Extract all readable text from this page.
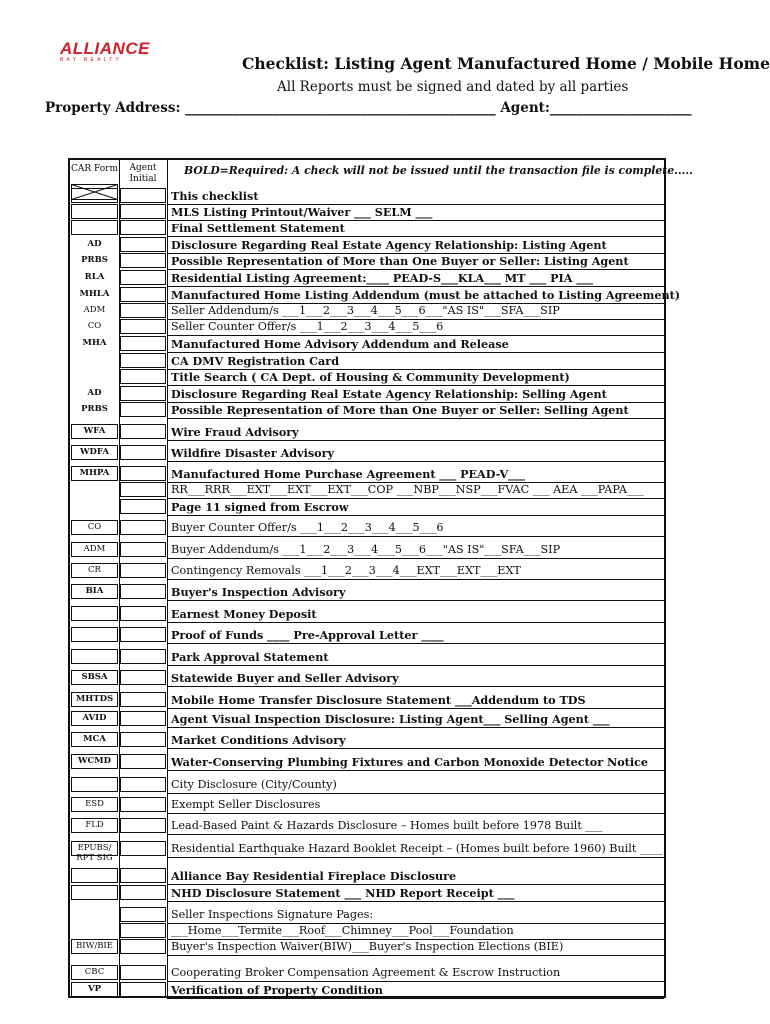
ALLIANCE
BAY REALTY	Checklist: Listing Agent Manufactured Home / Mobile Home
All Reports must be signed and dated by all parties
Property Address: ______________________________________________ Agent:_____________________
CAR Form	Agent Initial
BOLD=Required: A check will not be issued until the transaction file is complete.....
This checklist
MLS Listing Printout/Waiver ___ SELM ___
Final Settlement Statement
Disclosure Regarding Real Estate Agency Relationship: Listing Agent
AD
Possible Representation of More than One Buyer or Seller: Listing Agent
PRBS
Residential Listing Agreement:____ PEAD-S___KLA___ MT ___ PIA ___
RLA
Manufactured Home Listing Addendum (must be attached to Listing Agreement)
MHLA
Seller Addendum/s ___1___2___3___4___5___6___"AS IS"___SFA___SIP
ADM
Seller Counter Offer/s ___1___2___3___4___5___6
CO
Manufactured Home Advisory Addendum and Release
MHA
CA DMV Registration Card
Title Search ( CA Dept. of Housing & Community Development)
Disclosure Regarding Real Estate Agency Relationship: Selling Agent
AD
Possible Representation of More than One Buyer or Seller: Selling Agent
PRBS
Wire Fraud Advisory
WFA
Wildfire Disaster Advisory
WDFA
Manufactured Home Purchase Agreement ___ PEAD-V___
MHPA
RR___RRR___EXT___EXT___EXT___COP ___NBP___NSP___FVAC ___ AEA ___PAPA___
Page 11 signed from Escrow
Buyer Counter Offer/s ___1___2___3___4___5___6
CO
Buyer Addendum/s ___1___2___3___4___5___6___"AS IS"___SFA___SIP
ADM
Contingency Removals ___1___2___3___4___EXT___EXT___EXT
CR
Buyer's Inspection Advisory
BIA
Earnest Money Deposit
Proof of Funds ____ Pre-Approval Letter ____
Park Approval Statement
Statewide Buyer and Seller Advisory
SBSA
Mobile Home Transfer Disclosure Statement ___Addendum to TDS
MHTDS
Agent Visual Inspection Disclosure: Listing Agent___ Selling Agent ___
AVID
Market Conditions Advisory
MCA
Water-Conserving Plumbing Fixtures and Carbon Monoxide Detector Notice
WCMD
City Disclosure (City/County)
Exempt Seller Disclosures
ESD
Lead-Based Paint & Hazards Disclosure – Homes built before 1978 Built ___
FLD
Residential Earthquake Hazard Booklet Receipt – (Homes built before 1960) Built ____
EPUBS/ RPT SIG
Alliance Bay Residential Fireplace Disclosure
NHD Disclosure Statement ___ NHD Report Receipt ___
Seller Inspections Signature Pages:
___Home___Termite___Roof___Chimney___Pool___Foundation
Buyer's Inspection Waiver(BIW)___Buyer's Inspection Elections (BIE)
BIW/BIE
Cooperating Broker Compensation Agreement & Escrow Instruction
CBC
Verification of Property Condition
VP
